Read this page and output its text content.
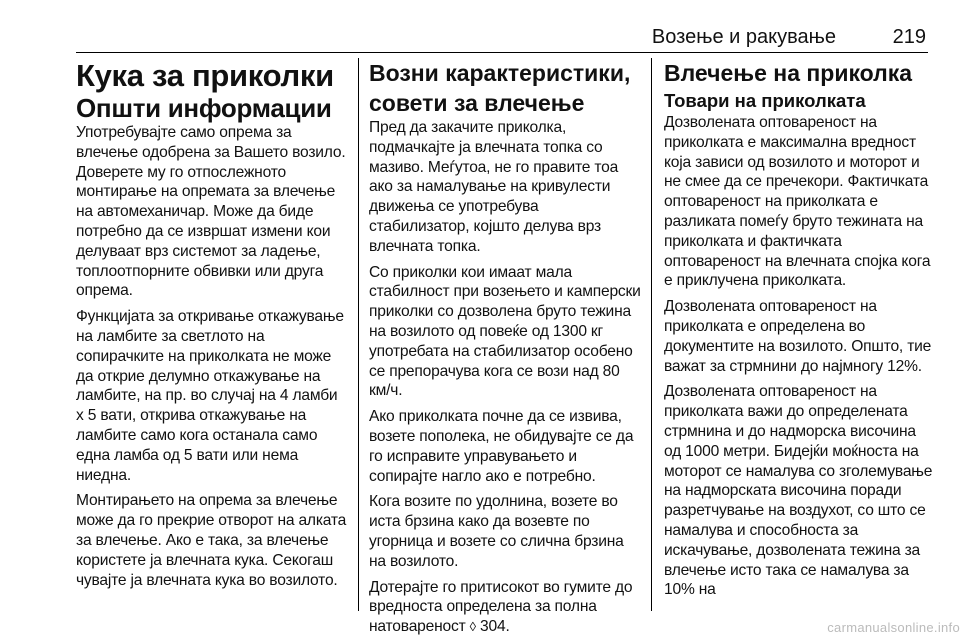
Возење и ракување	219
Кука за приколки
Општи информации

Употребувајте само опрема за влечење одобрена за Вашето возило. Доверете му го отпослежното монтирање на опремата за влечење на автомеханичар. Може да биде потребно да се извршат измени кои делуваат врз системот за ладење, топлоотпорните обвивки или друга опрема.

Функцијата за откривање откажување на ламбите за светлото на сопирачките на приколката не може да открие делумно откажување на ламбите, на пр. во случај на 4 ламби х 5 вати, открива откажување на ламбите само кога останала само една ламба од 5 вати или нема ниедна.

Монтирањето на опрема за влечење може да го прекрие отворот на алката за влечење. Ако е така, за влечење користете ја влечната кука. Секогаш чувајте ја влечната кука во возилото.

Возни карактеристики, совети за влечење

Пред да закачите приколка, подмачкајте ја влечната топка со мазиво. Меѓутоа, не го правите тоа ако за намалување на кривулести движења се употребува стабилизатор, којшто делува врз влечната топка.

Со приколки кои имаат мала стабилност при возењето и камперски приколки со дозволена бруто тежина на возилото од повеќе од 1300 кг употребата на стабилизатор особено се препорачува кога се вози над 80 км/ч.

Ако приколката почне да се извива, возете пополека, не обидувајте се да го исправите управувањето и сопирајте нагло ако е потребно.

Кога возите по удолнина, возете во иста брзина како да возевте по угорница и возете со слична брзина на возилото.

Дотерајте го притисокот во гумите до вредноста определена за полна натовареност ◊ 304.

Влечење на приколка
Товари на приколката

Дозволената оптовареност на приколката е максимална вредност која зависи од возилото и моторот и не смее да се пречекори. Фактичката оптовареност на приколката е разликата помеѓу бруто тежината на приколката и фактичката оптовареност на влечната спојка кога е приклучена приколката.

Дозволената оптовареност на приколката е определена во документите на возилото. Општо, тие важат за стрмнини до најмногу 12%.

Дозволената оптовареност на приколката важи до определената стрмнина и до надморска височина од 1000 метри. Бидејќи моќноста на моторот се намалува со зголемување на надморската височина поради разретчување на воздухот, со што се намалува и способноста за искачување, дозволената тежина за влечење исто така се намалува за 10% на

carmanualsonline.info
